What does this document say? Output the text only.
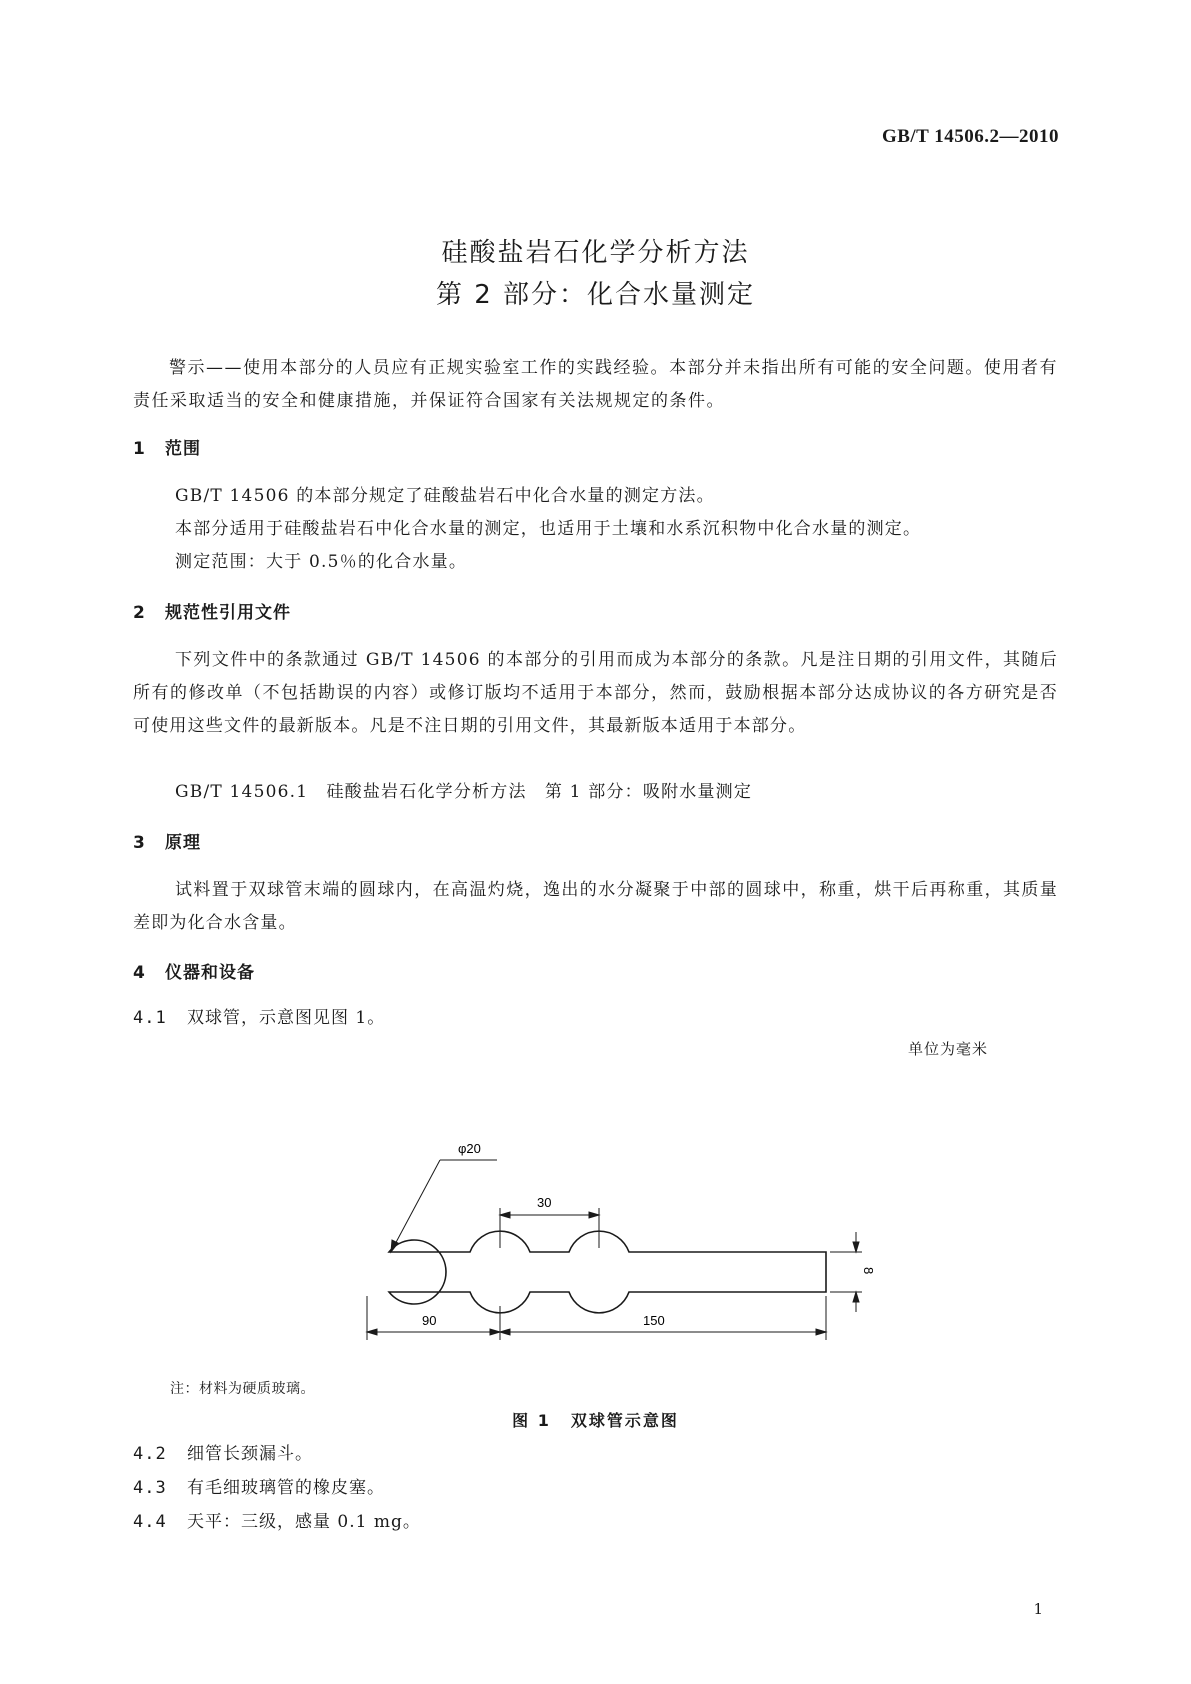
GB/T 14506.2—2010
硅酸盐岩石化学分析方法
第 2 部分：化合水量测定
警示——使用本部分的人员应有正规实验室工作的实践经验。本部分并未指出所有可能的安全问题。使用者有责任采取适当的安全和健康措施，并保证符合国家有关法规规定的条件。
1 范围
GB/T 14506 的本部分规定了硅酸盐岩石中化合水量的测定方法。
本部分适用于硅酸盐岩石中化合水量的测定，也适用于土壤和水系沉积物中化合水量的测定。
测定范围：大于 0.5％的化合水量。
2 规范性引用文件
下列文件中的条款通过 GB/T 14506 的本部分的引用而成为本部分的条款。凡是注日期的引用文件，其随后所有的修改单（不包括勘误的内容）或修订版均不适用于本部分，然而，鼓励根据本部分达成协议的各方研究是否可使用这些文件的最新版本。凡是不注日期的引用文件，其最新版本适用于本部分。
GB/T 14506.1　硅酸盐岩石化学分析方法　第 1 部分：吸附水量测定
3 原理
试料置于双球管末端的圆球内，在高温灼烧，逸出的水分凝聚于中部的圆球中，称重，烘干后再称重，其质量差即为化合水含量。
4 仪器和设备
4.1 双球管，示意图见图 1。
单位为毫米
φ20
30
90	150
8
注：材料为硬质玻璃。
图 1 双球管示意图
4.2 细管长颈漏斗。
4.3 有毛细玻璃管的橡皮塞。
4.4 天平：三级，感量 0.1 mg。
1
